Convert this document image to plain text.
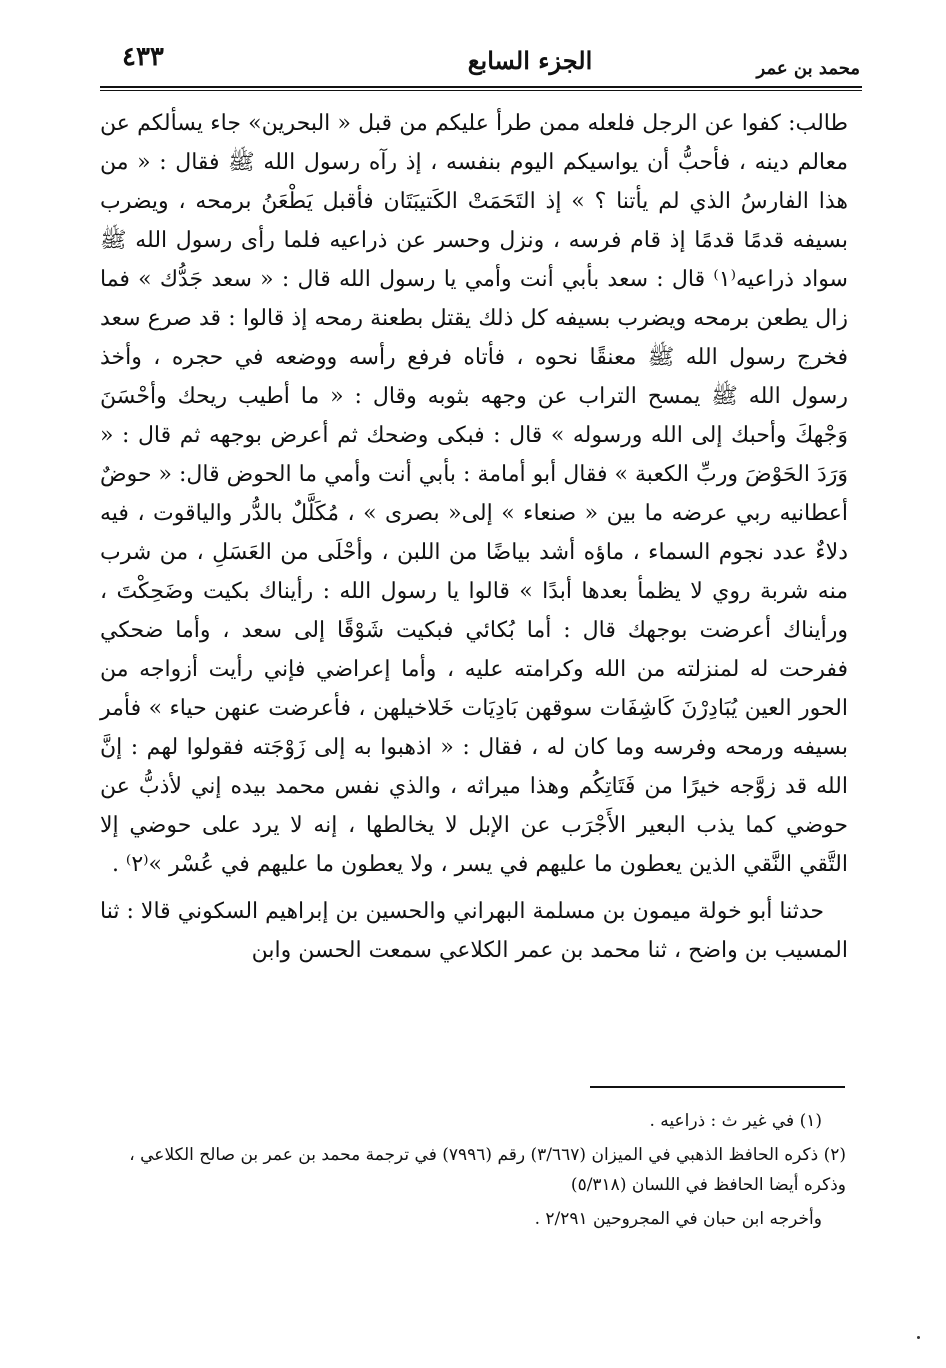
٤٣٣	الجزء السابع	محمد بن عمر

طالب: كفوا عن الرجل فلعله ممن طرأ عليكم من قبل « البحرين» جاء يسألكم عن معالم دينه ، فأحبُّ أن يواسيكم اليوم بنفسه ، إذ رآه رسول الله ﷺ فقال : « من هذا الفارسُ الذي لم يأتنا ؟ » إذ التَحَمَتْ الكَتيبَتَان فأقبل يَطْعَنُ برمحه ، ويضرب بسيفه قدمًا قدمًا إذ قام فرسه ، ونزل وحسر عن ذراعيه فلما رأى رسول الله ﷺ سواد ذراعيه⁽١⁾ قال : سعد بأبي أنت وأمي يا رسول الله قال : « سعد جَدُّك » فما زال يطعن برمحه ويضرب بسيفه كل ذلك يقتل بطعنة رمحه إذ قالوا : قد صرع سعد فخرج رسول الله ﷺ معنقًا نحوه ، فأتاه فرفع رأسه ووضعه في حجره ، وأخذ رسول الله ﷺ يمسح التراب عن وجهه بثوبه وقال : « ما أطيب ريحك وأحْسَنَ وَجْهكَ وأحبك إلى الله ورسوله » قال : فبكى وضحك ثم أعرض بوجهه ثم قال : « وَرَدَ الحَوْضَ وربِّ الكعبة » فقال أبو أمامة : بأبي أنت وأمي ما الحوض قال: « حوضٌ أعطانيه ربي عرضه ما بين « صنعاء » إلى« بصرى » ، مُكَلَّلٌ بالدُّر والياقوت ، فيه دلاءٌ عدد نجوم السماء ، ماؤه أشد بياضًا من اللبن ، وأحْلَى من العَسَلِ ، من شرب منه شربة روي لا يظمأ بعدها أبدًا » قالوا يا رسول الله : رأيناك بكيت وضَحِكْتَ ، ورأيناك أعرضت بوجهك قال : أما بُكائي فبكيت شَوْقًا إلى سعد ، وأما ضحكي ففرحت له لمنزلته من الله وكرامته عليه ، وأما إعراضي فإني رأيت أزواجه من الحور العين يُبَادِرْنَ كَاشِفَات سوقهن بَادِيَات خَلاخيلهن ، فأعرضت عنهن حياء » فأمر بسيفه ورمحه وفرسه وما كان له ، فقال : « اذهبوا به إلى زَوْجَته فقولوا لهم : إنَّ الله قد زوَّجه خيرًا من فَتَاتِكُم وهذا ميراثه ، والذي نفس محمد بيده إني لأذبُّ عن حوضي كما يذب البعير الأَجْرَب عن الإبل لا يخالطها ، إنه لا يرد على حوضي إلا التَّقي النَّقي الذين يعطون ما عليهم في يسر ، ولا يعطون ما عليهم في عُسْر »⁽٢⁾ .

حدثنا أبو خولة ميمون بن مسلمة البهراني والحسين بن إبراهيم السكوني قالا : ثنا المسيب بن واضح ، ثنا محمد بن عمر الكلاعي سمعت الحسن وابن

(١) في غير ث : ذراعيه .

(٢) ذكره الحافظ الذهبي في الميزان (٣/٦٦٧) رقم (٧٩٩٦) في ترجمة محمد بن عمر بن صالح الكلاعي ، وذكره أيضا الحافظ في اللسان (٥/٣١٨)

وأخرجه ابن حبان في المجروحين ٢/٢٩١ .
